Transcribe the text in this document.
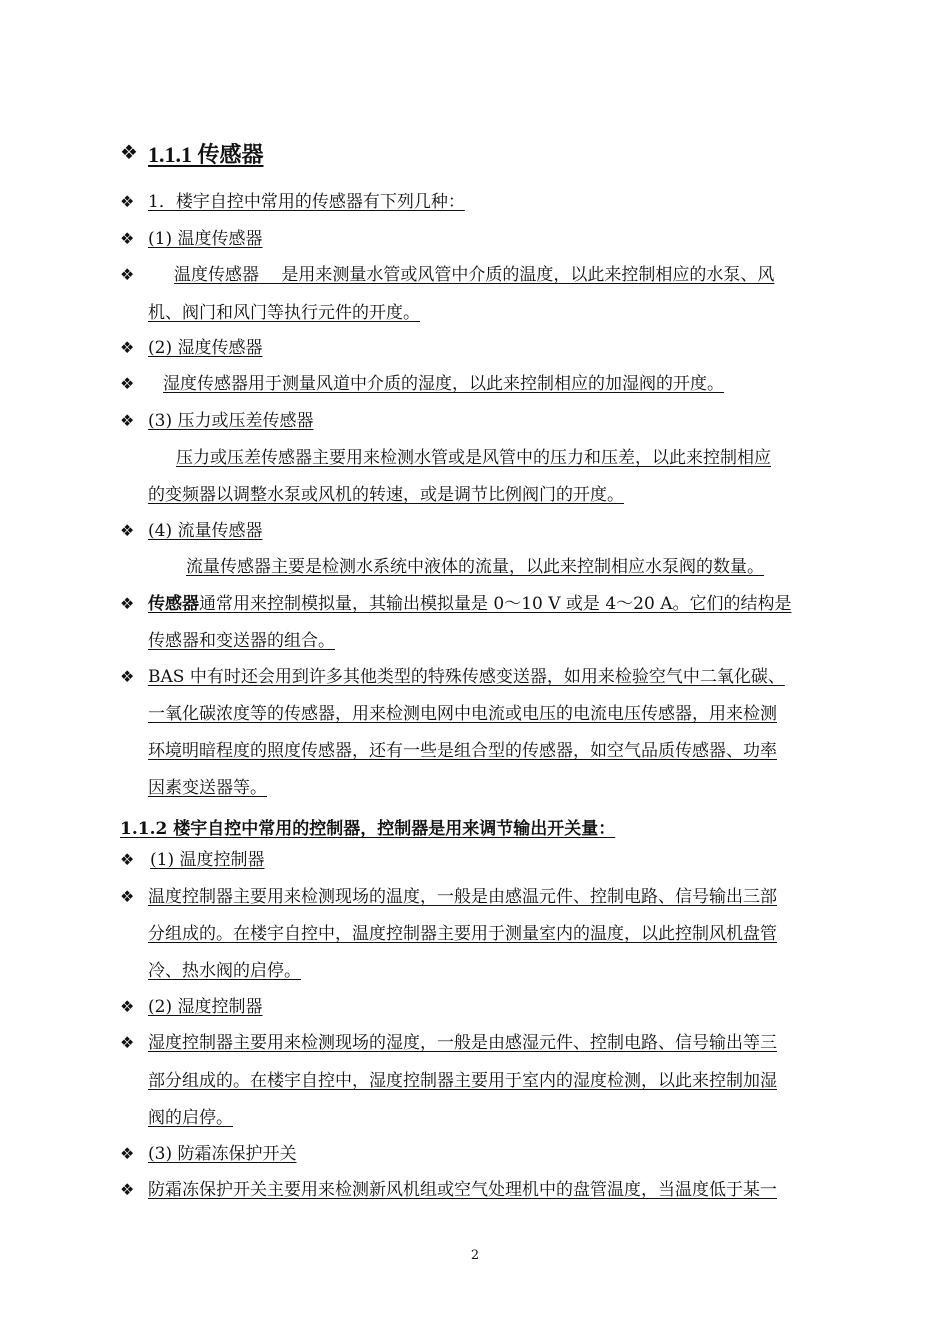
❖ 1.1.1 传感器
❖ 1．楼宇自控中常用的传感器有下列几种：
❖ (1) 温度传感器
❖	温度传感器　 是用来测量水管或风管中介质的温度，以此来控制相应的水泵、风
机、阀门和风门等执行元件的开度。
❖ (2) 湿度传感器
❖	湿度传感器用于测量风道中介质的湿度，以此来控制相应的加湿阀的开度。
❖ (3) 压力或压差传感器
压力或压差传感器主要用来检测水管或是风管中的压力和压差，以此来控制相应
的变频器以调整水泵或风机的转速，或是调节比例阀门的开度。
❖ (4) 流量传感器
流量传感器主要是检测水系统中液体的流量，以此来控制相应水泵阀的数量。
❖ 传感器通常用来控制模拟量，其输出模拟量是 0～10 V 或是 4～20 A。它们的结构是
传感器和变送器的组合。
❖ BAS 中有时还会用到许多其他类型的特殊传感变送器，如用来检验空气中二氧化碳、
一氧化碳浓度等的传感器，用来检测电网中电流或电压的电流电压传感器，用来检测
环境明暗程度的照度传感器，还有一些是组合型的传感器，如空气品质传感器、功率
因素变送器等。
1.1.2 楼宇自控中常用的控制器，控制器是用来调节输出开关量：
❖ (1) 温度控制器
❖ 温度控制器主要用来检测现场的温度，一般是由感温元件、控制电路、信号输出三部
分组成的。在楼宇自控中，温度控制器主要用于测量室内的温度，以此控制风机盘管
冷、热水阀的启停。
❖ (2) 湿度控制器
❖ 湿度控制器主要用来检测现场的湿度，一般是由感湿元件、控制电路、信号输出等三
部分组成的。在楼宇自控中，湿度控制器主要用于室内的湿度检测，以此来控制加湿
阀的启停。
❖ (3) 防霜冻保护开关
❖ 防霜冻保护开关主要用来检测新风机组或空气处理机中的盘管温度，当温度低于某一
2
